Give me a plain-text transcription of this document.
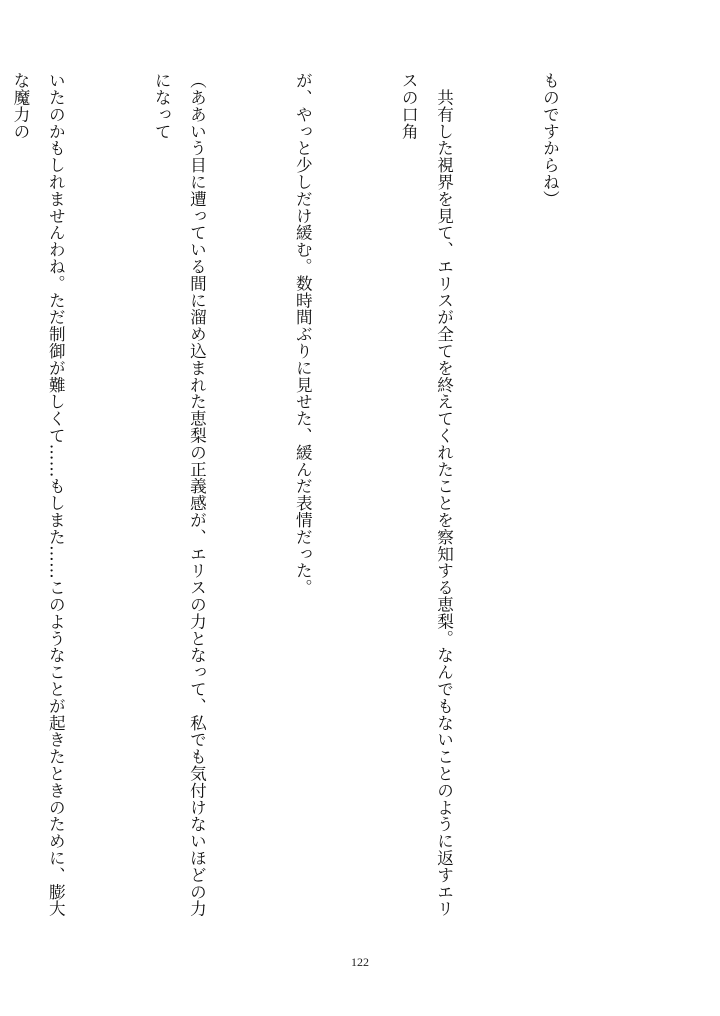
ものですからね）

　共有した視界を見て、エリスが全てを終えてくれたことを察知する恵梨。なんでもないことのように返すエリスの口角

が、やっと少しだけ緩む。数時間ぶりに見せた、緩んだ表情だった。

（ああいう目に遭っている間に溜め込まれた恵梨の正義感が、エリスの力となって、私でも気付けないほどの力になって

いたのかもしれませんわね。ただ制御が難しくて……もしまた……このようなことが起きたときのために、膨大な魔力の

122
